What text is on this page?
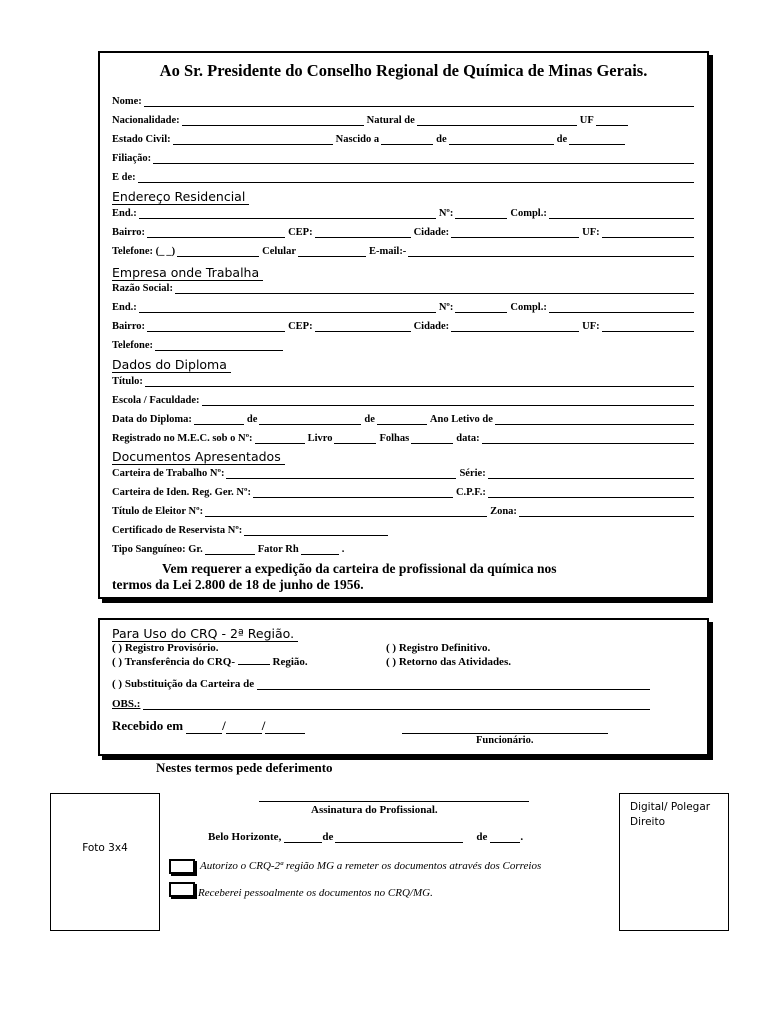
Ao Sr. Presidente do Conselho Regional de Química de Minas Gerais.
Nome:
Nacionalidade:	Natural de	UF
Estado Civil:	Nascido a	de	de
Filiação:
E de:
Endereço Residencial
End.:	Nº:	Compl.:
Bairro:	CEP:	Cidade:	UF:
Telefone: (_ _)	Celular	E-mail:-
Empresa onde Trabalha
Razão Social:
End.:	Nº:	Compl.:
Bairro:	CEP:	Cidade:	UF:
Telefone:
Dados do Diploma
Título:
Escola / Faculdade:
Data do Diploma:	de	de	Ano Letivo de
Registrado no M.E.C. sob o Nº:	Livro	Folhas	data:
Documentos Apresentados
Carteira de Trabalho Nº:	Série:
Carteira de Iden. Reg. Ger. Nº:	C.P.F.:
Título de Eleitor Nº:	Zona:
Certificado de Reservista Nº:
Tipo Sanguíneo: Gr.	Fator Rh	.
Vem requerer a expedição da carteira de profissional da química nos
termos da Lei 2.800 de 18 de junho de 1956.
Para Uso do CRQ - 2ª Região.
( ) Registro Provisório.	( ) Registro Definitivo.
( ) Transferência do CRQ-	Região.	( ) Retorno das Atividades.
( ) Substituição da Carteira de
OBS.:
Recebido em	/	/
Funcionário.
Nestes termos pede deferimento
Foto 3x4
Digital/ Polegar Direito
Assinatura do Profissional.
Belo Horizonte,	de	de	.
Autorizo o CRQ-2ª região MG a remeter os documentos através dos Correios
Receberei pessoalmente os documentos no CRQ/MG.
